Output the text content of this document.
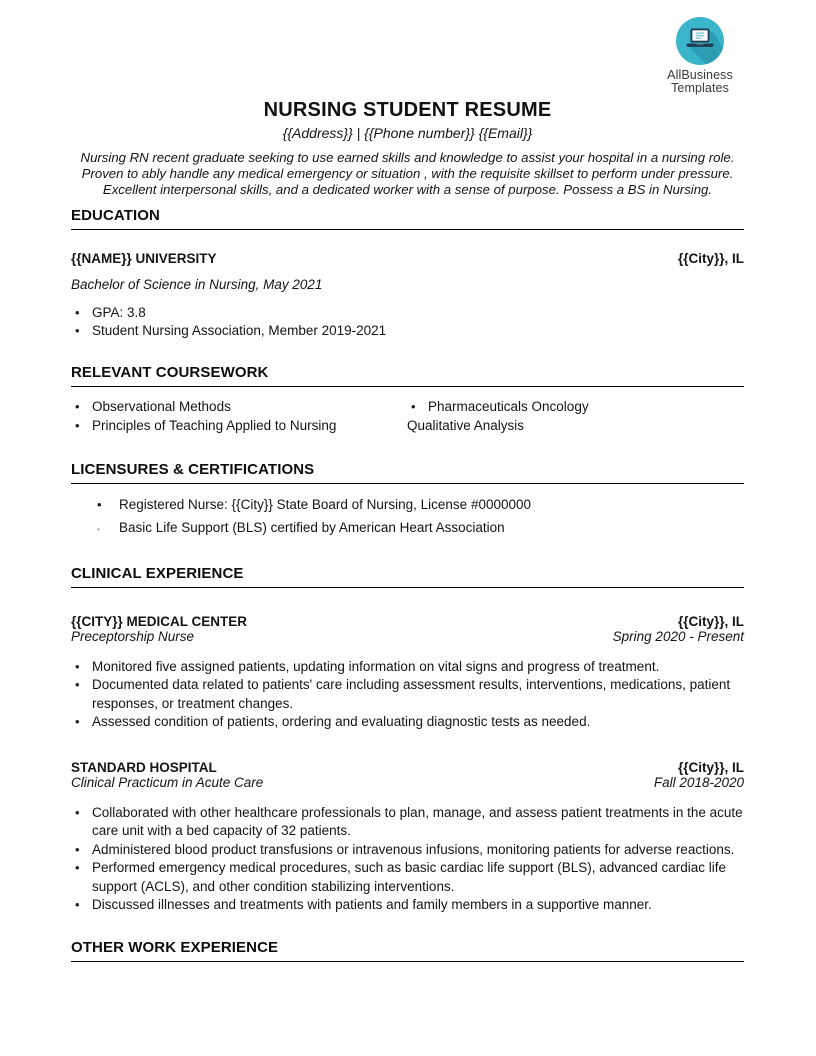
AllBusiness
Templates
NURSING STUDENT RESUME
{{Address}} | {{Phone number}} {{Email}}

Nursing RN recent graduate seeking to use earned skills and knowledge to assist your hospital in a nursing role. Proven to ably handle any medical emergency or situation , with the requisite skillset to perform under pressure. Excellent interpersonal skills, and a dedicated worker with a sense of purpose. Possess a BS in Nursing.

EDUCATION
{{NAME}} UNIVERSITY	{{City}}, IL
Bachelor of Science in Nursing, May 2021
• GPA: 3.8
• Student Nursing Association, Member 2019-2021
RELEVANT COURSEWORK
• Observational Methods
• Principles of Teaching Applied to Nursing
• Pharmaceuticals Oncology
Qualitative Analysis
LICENSURES & CERTIFICATIONS
•	Registered Nurse: {{City}} State Board of Nursing, License #0000000
•	Basic Life Support (BLS) certified by American Heart Association
CLINICAL EXPERIENCE
{{CITY}} MEDICAL CENTER	{{City}}, IL
Preceptorship Nurse	Spring 2020 - Present
• Monitored five assigned patients, updating information on vital signs and progress of treatment.
• Documented data related to patients' care including assessment results, interventions, medications, patient responses, or treatment changes.
• Assessed condition of patients, ordering and evaluating diagnostic tests as needed.
STANDARD HOSPITAL	{{City}}, IL
Clinical Practicum in Acute Care	Fall 2018-2020
• Collaborated with other healthcare professionals to plan, manage, and assess patient treatments in the acute care unit with a bed capacity of 32 patients.
• Administered blood product transfusions or intravenous infusions, monitoring patients for adverse reactions.
• Performed emergency medical procedures, such as basic cardiac life support (BLS), advanced cardiac life support (ACLS), and other condition stabilizing interventions.
• Discussed illnesses and treatments with patients and family members in a supportive manner.
OTHER WORK EXPERIENCE
